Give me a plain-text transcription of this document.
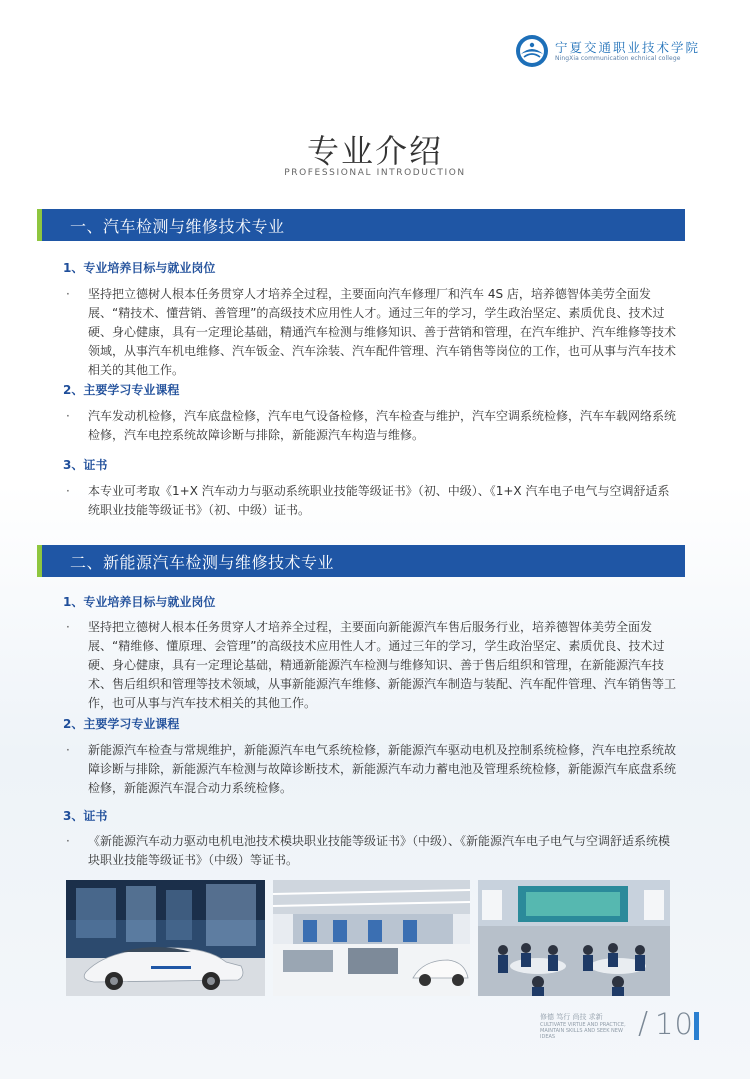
宁夏交通职业技术学院
NingXia communication echnical college
专业介绍
PROFESSIONAL INTRODUCTION
一、汽车检测与维修技术专业
1、专业培养目标与就业岗位
·	坚持把立德树人根本任务贯穿人才培养全过程，主要面向汽车修理厂和汽车 4S 店，培养德智体美劳全面发展、“精技术、懂营销、善管理”的高级技术应用性人才。通过三年的学习，学生政治坚定、素质优良、技术过硬、身心健康，具有一定理论基础，精通汽车检测与维修知识、善于营销和管理，在汽车维护、汽车维修等技术领域，从事汽车机电维修、汽车钣金、汽车涂装、汽车配件管理、汽车销售等岗位的工作，也可从事与汽车技术相关的其他工作。
2、主要学习专业课程
·	汽车发动机检修，汽车底盘检修，汽车电气设备检修，汽车检查与维护，汽车空调系统检修，汽车车载网络系统检修，汽车电控系统故障诊断与排除，新能源汽车构造与维修。
3、证书
·	本专业可考取《1+X 汽车动力与驱动系统职业技能等级证书》（初、中级）、《1+X 汽车电子电气与空调舒适系统职业技能等级证书》（初、中级）证书。
二、新能源汽车检测与维修技术专业
1、专业培养目标与就业岗位
·	坚持把立德树人根本任务贯穿人才培养全过程，主要面向新能源汽车售后服务行业，培养德智体美劳全面发展、“精维修、懂原理、会管理”的高级技术应用性人才。通过三年的学习，学生政治坚定、素质优良、技术过硬、身心健康，具有一定理论基础，精通新能源汽车检测与维修知识、善于售后组织和管理，在新能源汽车技术、售后组织和管理等技术领域，从事新能源汽车维修、新能源汽车制造与装配、汽车配件管理、汽车销售等工作，也可从事与汽车技术相关的其他工作。
2、主要学习专业课程
·	新能源汽车检查与常规维护，新能源汽车电气系统检修，新能源汽车驱动电机及控制系统检修，汽车电控系统故障诊断与排除，新能源汽车检测与故障诊断技术，新能源汽车动力蓄电池及管理系统检修，新能源汽车底盘系统检修，新能源汽车混合动力系统检修。
3、证书
·	《新能源汽车动力驱动电机电池技术模块职业技能等级证书》（中级）、《新能源汽车电子电气与空调舒适系统模块职业技能等级证书》（中级）等证书。
修德 笃行 尚技 求新
CULTIVATE VIRTUE AND PRACTICE, MAINTAIN SKILLS AND SEEK NEW IDEAS	/ 10
